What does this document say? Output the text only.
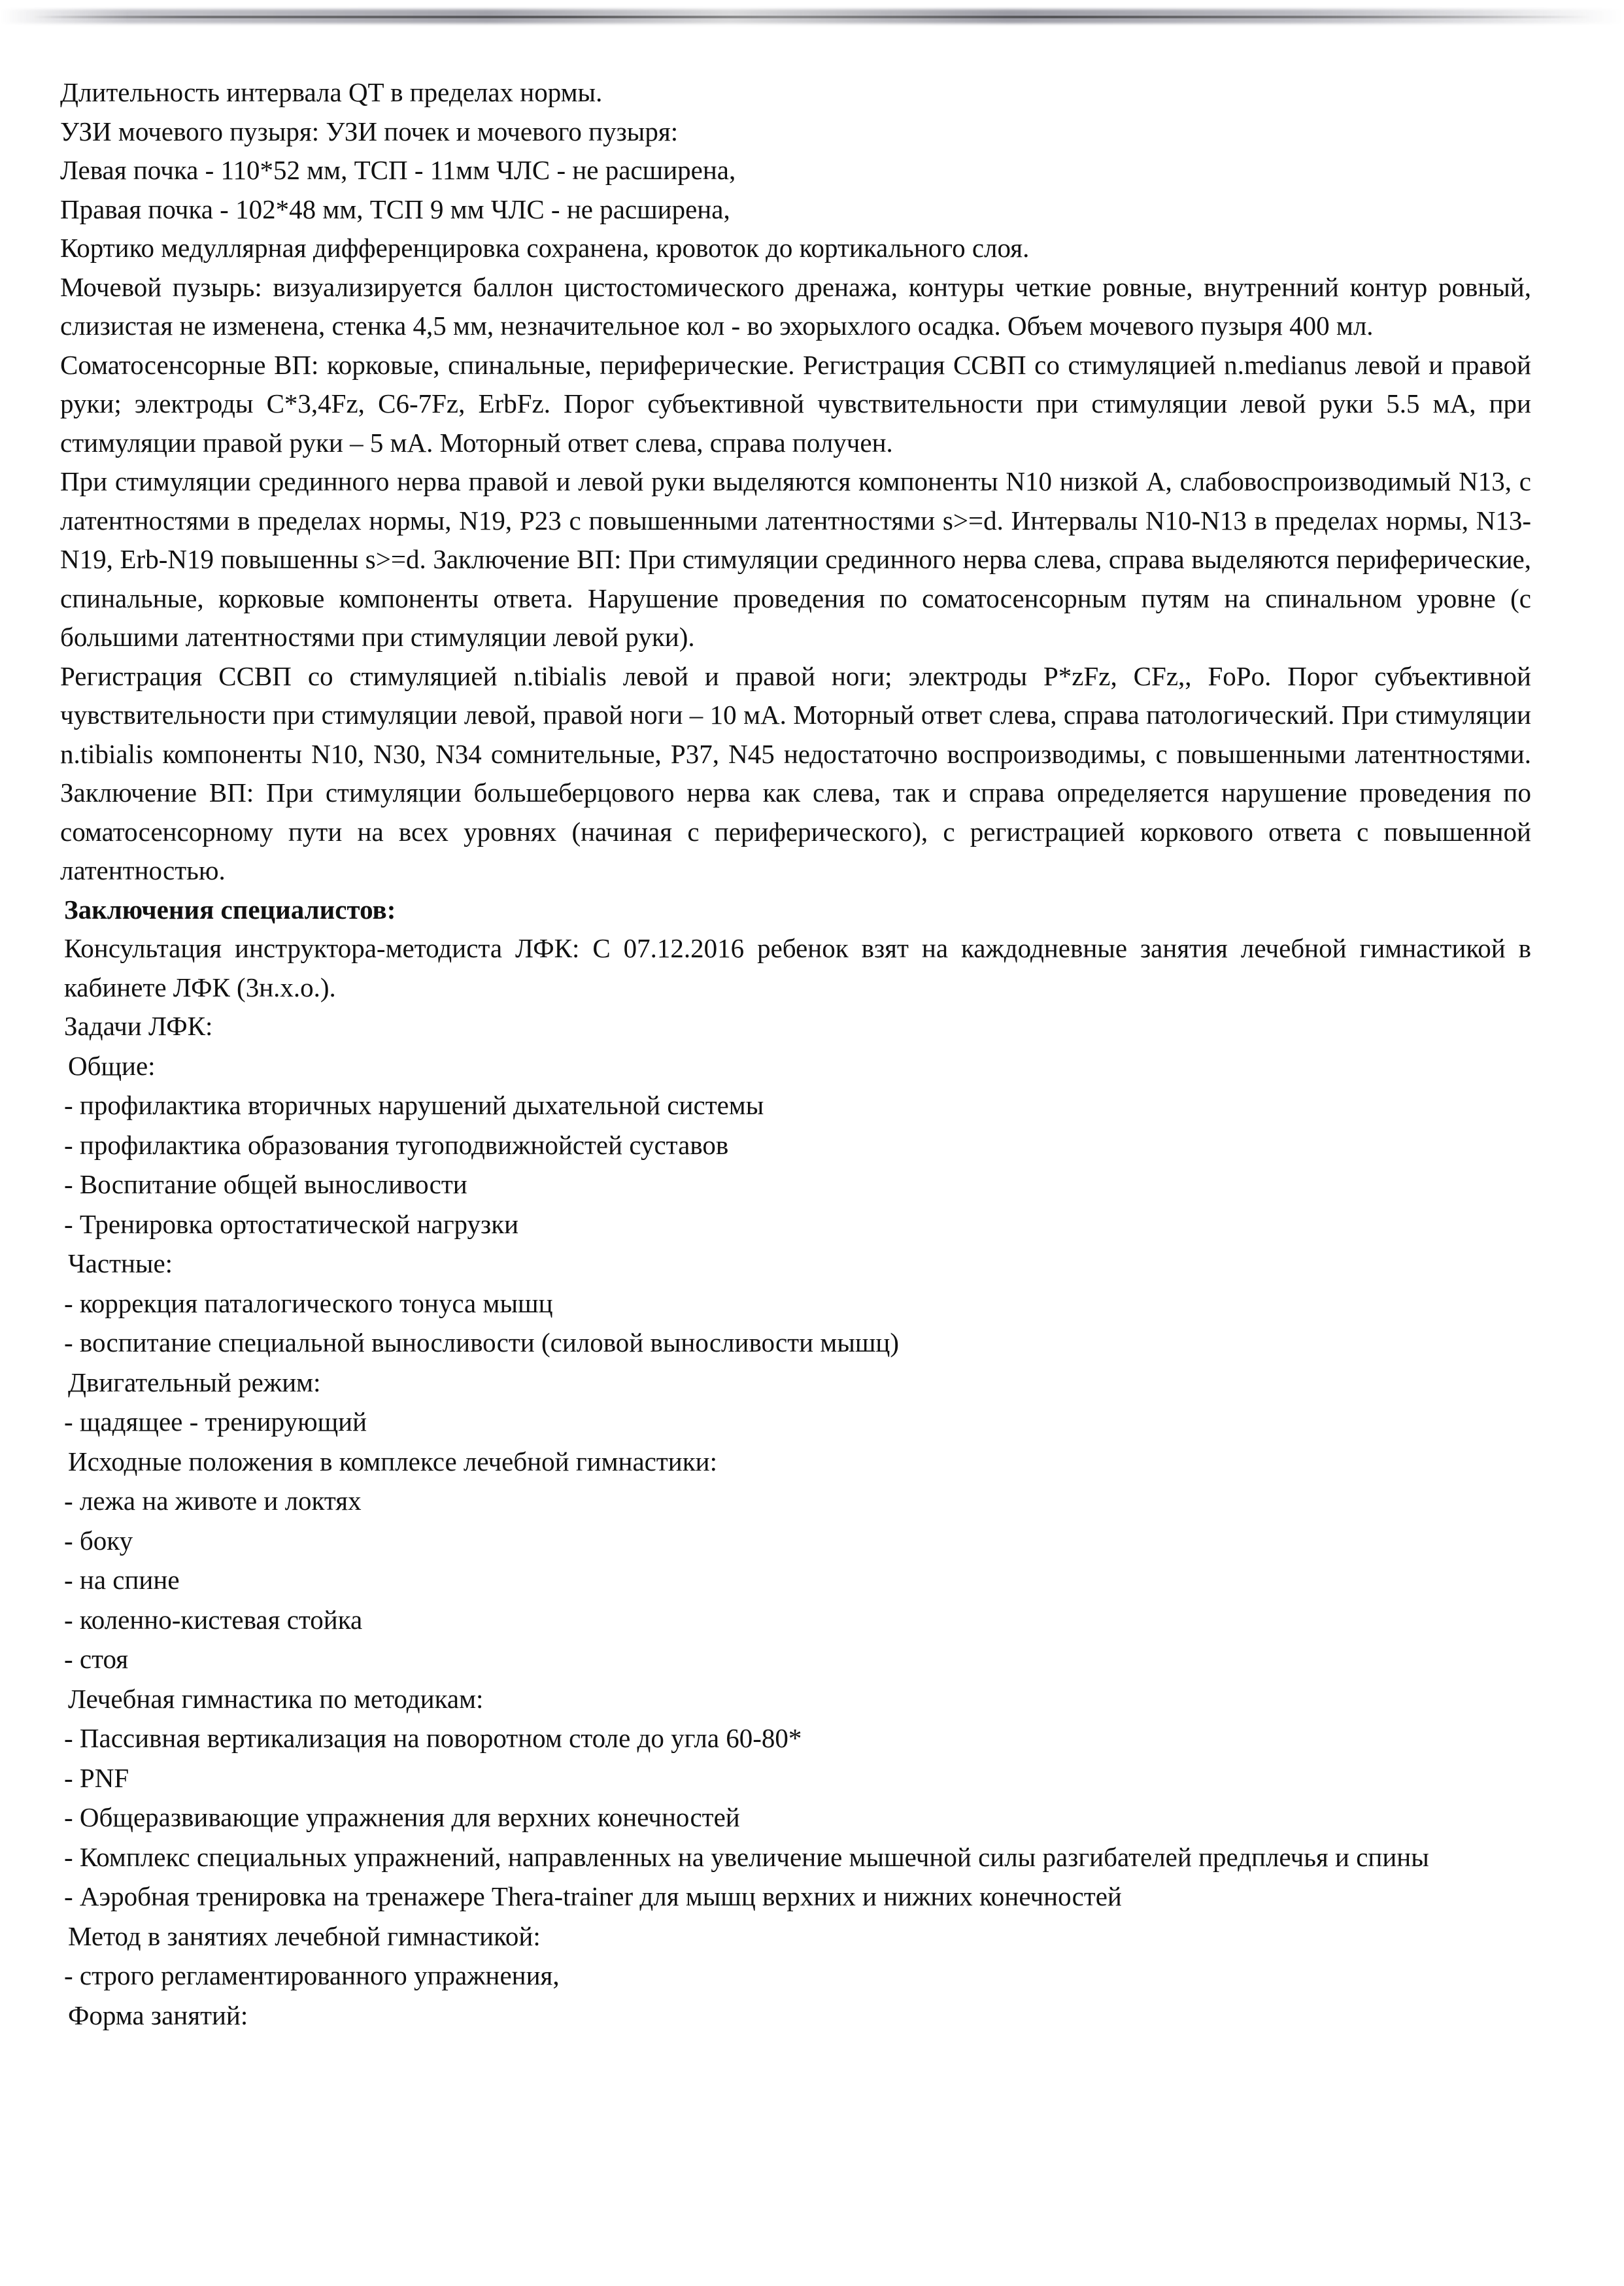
Длительность интервала QT в пределах нормы.

УЗИ мочевого пузыря: УЗИ почек и мочевого пузыря:

Левая почка - 110*52 мм, ТСП - 11мм ЧЛС - не расширена,

Правая почка - 102*48 мм, ТСП 9 мм ЧЛС - не расширена,

Кортико медуллярная дифференцировка сохранена, кровоток до кортикального слоя.

Мочевой пузырь: визуализируется баллон цистостомического дренажа, контуры четкие ровные, внутренний контур ровный, слизистая не изменена, стенка 4,5 мм, незначительное кол - во эхорыхлого осадка. Объем мочевого пузыря 400 мл.

Соматосенсорные ВП: корковые, спинальные, периферические. Регистрация ССВП со стимуляцией n.medianus левой и правой руки; электроды C*3,4Fz, C6-7Fz, ErbFz. Порог субъективной чувствительности при стимуляции левой руки 5.5 мА, при стимуляции правой руки – 5 мА. Моторный ответ слева, справа получен.

При стимуляции срединного нерва правой и левой руки выделяются компоненты N10 низкой А, слабовоспроизводимый N13, с латентностями в пределах нормы, N19, P23 с повышенными латентностями s>=d. Интервалы N10-N13 в пределах нормы, N13-N19, Erb-N19 повышенны s>=d. Заключение ВП: При стимуляции срединного нерва слева, справа выделяются периферические, спинальные, корковые компоненты ответа. Нарушение проведения по соматосенсорным путям на спинальном уровне (с большими латентностями при стимуляции левой руки).

Регистрация ССВП со стимуляцией n.tibialis левой и правой ноги; электроды P*zFz, CFz,, FoPo. Порог субъективной чувствительности при стимуляции левой, правой ноги – 10 мА. Моторный ответ слева, справа патологический. При стимуляции n.tibialis компоненты N10, N30, N34 сомнительные, P37, N45 недостаточно воспроизводимы, с повышенными латентностями. Заключение ВП: При стимуляции большеберцового нерва как слева, так и справа определяется нарушение проведения по соматосенсорному пути на всех уровнях (начиная с периферического), с регистрацией коркового ответа с повышенной латентностью.

Заключения специалистов:

Консультация инструктора-методиста ЛФК: С 07.12.2016 ребенок взят на каждодневные занятия лечебной гимнастикой в кабинете ЛФК (3н.х.о.).

Задачи ЛФК:

Общие:

- профилактика вторичных нарушений дыхательной системы

- профилактика образования тугоподвижнойстей суставов

- Воспитание общей выносливости

- Тренировка ортостатической нагрузки

Частные:

- коррекция паталогического тонуса мышц

- воспитание специальной выносливости (силовой выносливости мышц)

Двигательный режим:

- щадящее - тренирующий

Исходные положения в комплексе лечебной гимнастики:

- лежа на животе и локтях

- боку

- на спине

- коленно-кистевая стойка

- стоя

Лечебная гимнастика по методикам:

- Пассивная вертикализация на поворотном столе до угла 60-80*

- PNF

- Общеразвивающие упражнения для верхних конечностей

- Комплекс специальных упражнений, направленных на увеличение мышечной силы разгибателей предплечья и спины

- Аэробная тренировка на тренажере Thera-trainer для мышц верхних и нижних конечностей

Метод в занятиях лечебной гимнастикой:

- строго регламентированного упражнения,

Форма занятий:
